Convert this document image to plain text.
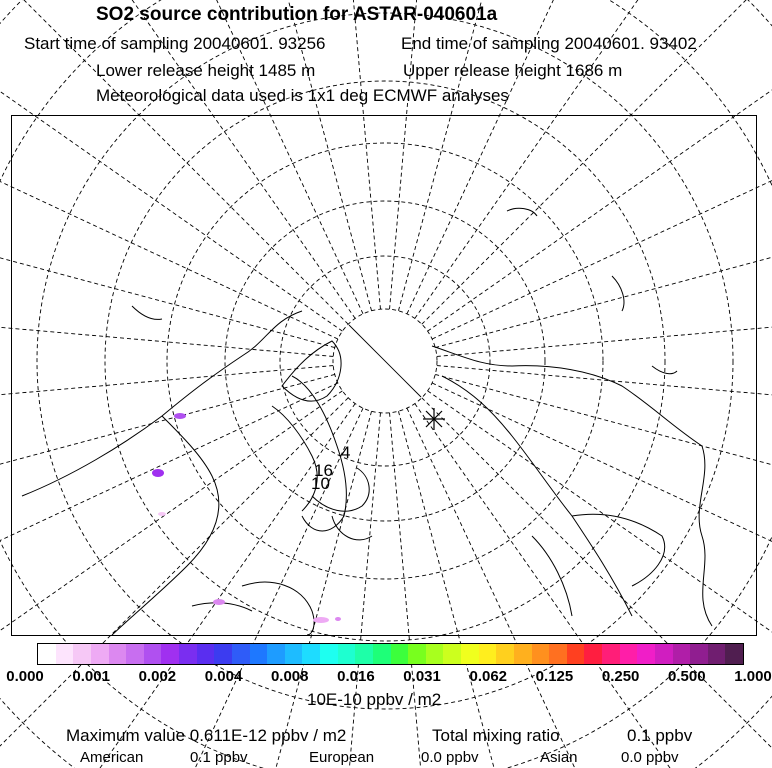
SO2 source contribution for ASTAR-040601a
Start time of sampling 20040601. 93256	End time of sampling 20040601. 93402
Lower release height 1485 m	Upper release height 1686 m
Meteorological data used is 1x1 deg ECMWF analyses
4
16
10
0.000 0.001 0.002 0.004 0.008 0.016 0.031 0.062 0.125 0.250 0.500 1.000
10E-10 ppbv / m2
Maximum value 0.611E-12 ppbv / m2	Total mixing ratio	0.1 ppbv
American	0.1 ppbv	European	0.0 ppbv	Asian	0.0 ppbv
